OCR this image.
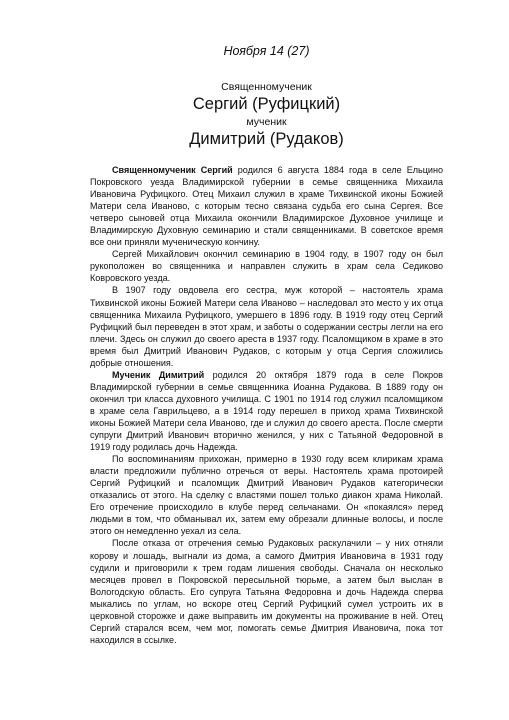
Ноября 14 (27)

Священномученик

Сергий (Руфицкий)

мученик

Димитрий (Рудаков)

Священномученик Сергий родился 6 августа 1884 года в селе Ельцино Покровского уезда Владимирской губернии в семье священника Михаила Ивановича Руфицкого. Отец Михаил служил в храме Тихвинской иконы Божией Матери села Иваново, с которым тесно связана судьба его сына Сергея. Все четверо сыновей отца Михаила окончили Владимирское Духовное училище и Владимирскую Духовную семинарию и стали священниками. В советское время все они приняли мученическую кончину.

Сергей Михайлович окончил семинарию в 1904 году, в 1907 году он был рукоположен во священника и направлен служить в храм села Седиково Ковровского уезда.

В 1907 году овдовела его сестра, муж которой – настоятель храма Тихвинской иконы Божией Матери села Иваново – наследовал это место у их отца священника Михаила Руфицкого, умершего в 1896 году. В 1919 году отец Сергий Руфицкий был переведен в этот храм, и заботы о содержании сестры легли на его плечи. Здесь он служил до своего ареста в 1937 году. Псаломщиком в храме в это время был Дмитрий Иванович Рудаков, с которым у отца Сергия сложились добрые отношения.

Мученик Димитрий родился 20 октября 1879 года в селе Покров Владимирской губернии в семье священника Иоанна Рудакова. В 1889 году он окончил три класса духовного училища. С 1901 по 1914 год служил псаломщиком в храме села Гаврильцево, а в 1914 году перешел в приход храма Тихвинской иконы Божией Матери села Иваново, где и служил до своего ареста. После смерти супруги Дмитрий Иванович вторично женился, у них с Татьяной Федоровной в 1919 году родилась дочь Надежда.

По воспоминаниям прихожан, примерно в 1930 году всем клирикам храма власти предложили публично отречься от веры. Настоятель храма протоирей Сергий Руфицкий и псаломщик Дмитрий Иванович Рудаков категорически отказались от этого. На сделку с властями пошел только диакон храма Николай. Его отречение происходило в клубе перед сельчанами. Он «покаялся» перед людьми в том, что обманывал их, затем ему обрезали длинные волосы, и после этого он немедленно уехал из села.

После отказа от отречения семью Рудаковых раскулачили – у них отняли корову и лошадь, выгнали из дома, а самого Дмитрия Ивановича в 1931 году судили и приговорили к трем годам лишения свободы. Сначала он несколько месяцев провел в Покровской пересыльной тюрьме, а затем был выслан в Вологодскую область. Его супруга Татьяна Федоровна и дочь Надежда сперва мыкались по углам, но вскоре отец Сергий Руфицкий сумел устроить их в церковной сторожке и даже выправить им документы на проживание в ней. Отец Сергий старался всем, чем мог, помогать семье Дмитрия Ивановича, пока тот находился в ссылке.
